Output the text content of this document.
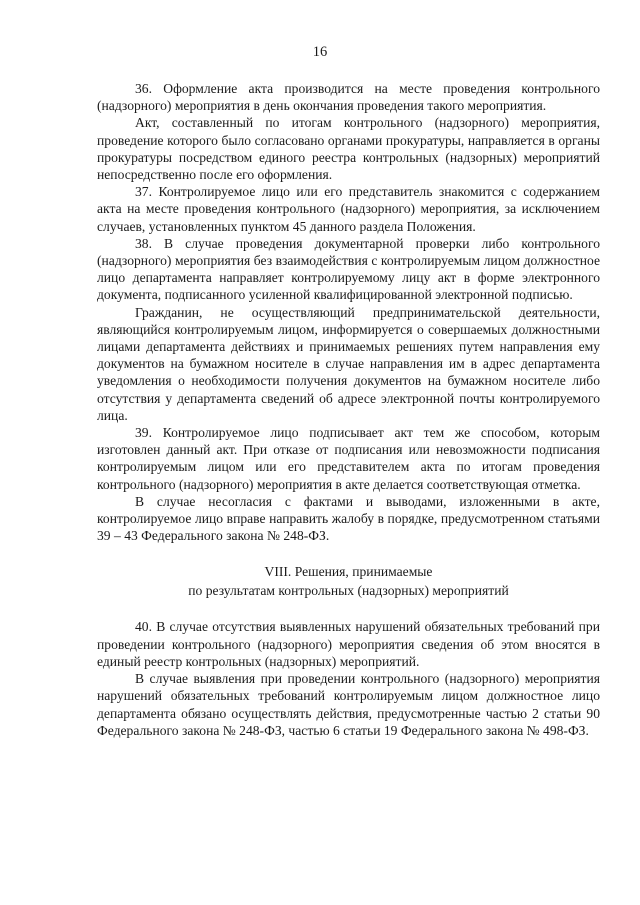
16

36. Оформление акта производится на месте проведения контрольного (надзорного) мероприятия в день окончания проведения такого мероприятия.

Акт, составленный по итогам контрольного (надзорного) мероприятия, проведение которого было согласовано органами прокуратуры, направляется в органы прокуратуры посредством единого реестра контрольных (надзорных) мероприятий непосредственно после его оформления.

37. Контролируемое лицо или его представитель знакомится с содержанием акта на месте проведения контрольного (надзорного) мероприятия, за исключением случаев, установленных пунктом 45 данного раздела Положения.

38. В случае проведения документарной проверки либо контрольного (надзорного) мероприятия без взаимодействия с контролируемым лицом должностное лицо департамента направляет контролируемому лицу акт в форме электронного документа, подписанного усиленной квалифицированной электронной подписью.

Гражданин, не осуществляющий предпринимательской деятельности, являющийся контролируемым лицом, информируется о совершаемых должностными лицами департамента действиях и принимаемых решениях путем направления ему документов на бумажном носителе в случае направления им в адрес департамента уведомления о необходимости получения документов на бумажном носителе либо отсутствия у департамента сведений об адресе электронной почты контролируемого лица.

39. Контролируемое лицо подписывает акт тем же способом, которым изготовлен данный акт. При отказе от подписания или невозможности подписания контролируемым лицом или его представителем акта по итогам проведения контрольного (надзорного) мероприятия в акте делается соответствующая отметка.

В случае несогласия с фактами и выводами, изложенными в акте, контролируемое лицо вправе направить жалобу в порядке, предусмотренном статьями 39 – 43 Федерального закона № 248-ФЗ.

VIII. Решения, принимаемые
по результатам контрольных (надзорных) мероприятий

40. В случае отсутствия выявленных нарушений обязательных требований при проведении контрольного (надзорного) мероприятия сведения об этом вносятся в единый реестр контрольных (надзорных) мероприятий.

В случае выявления при проведении контрольного (надзорного) мероприятия нарушений обязательных требований контролируемым лицом должностное лицо департамента обязано осуществлять действия, предусмотренные частью 2 статьи 90 Федерального закона № 248-ФЗ, частью 6 статьи 19 Федерального закона № 498-ФЗ.
